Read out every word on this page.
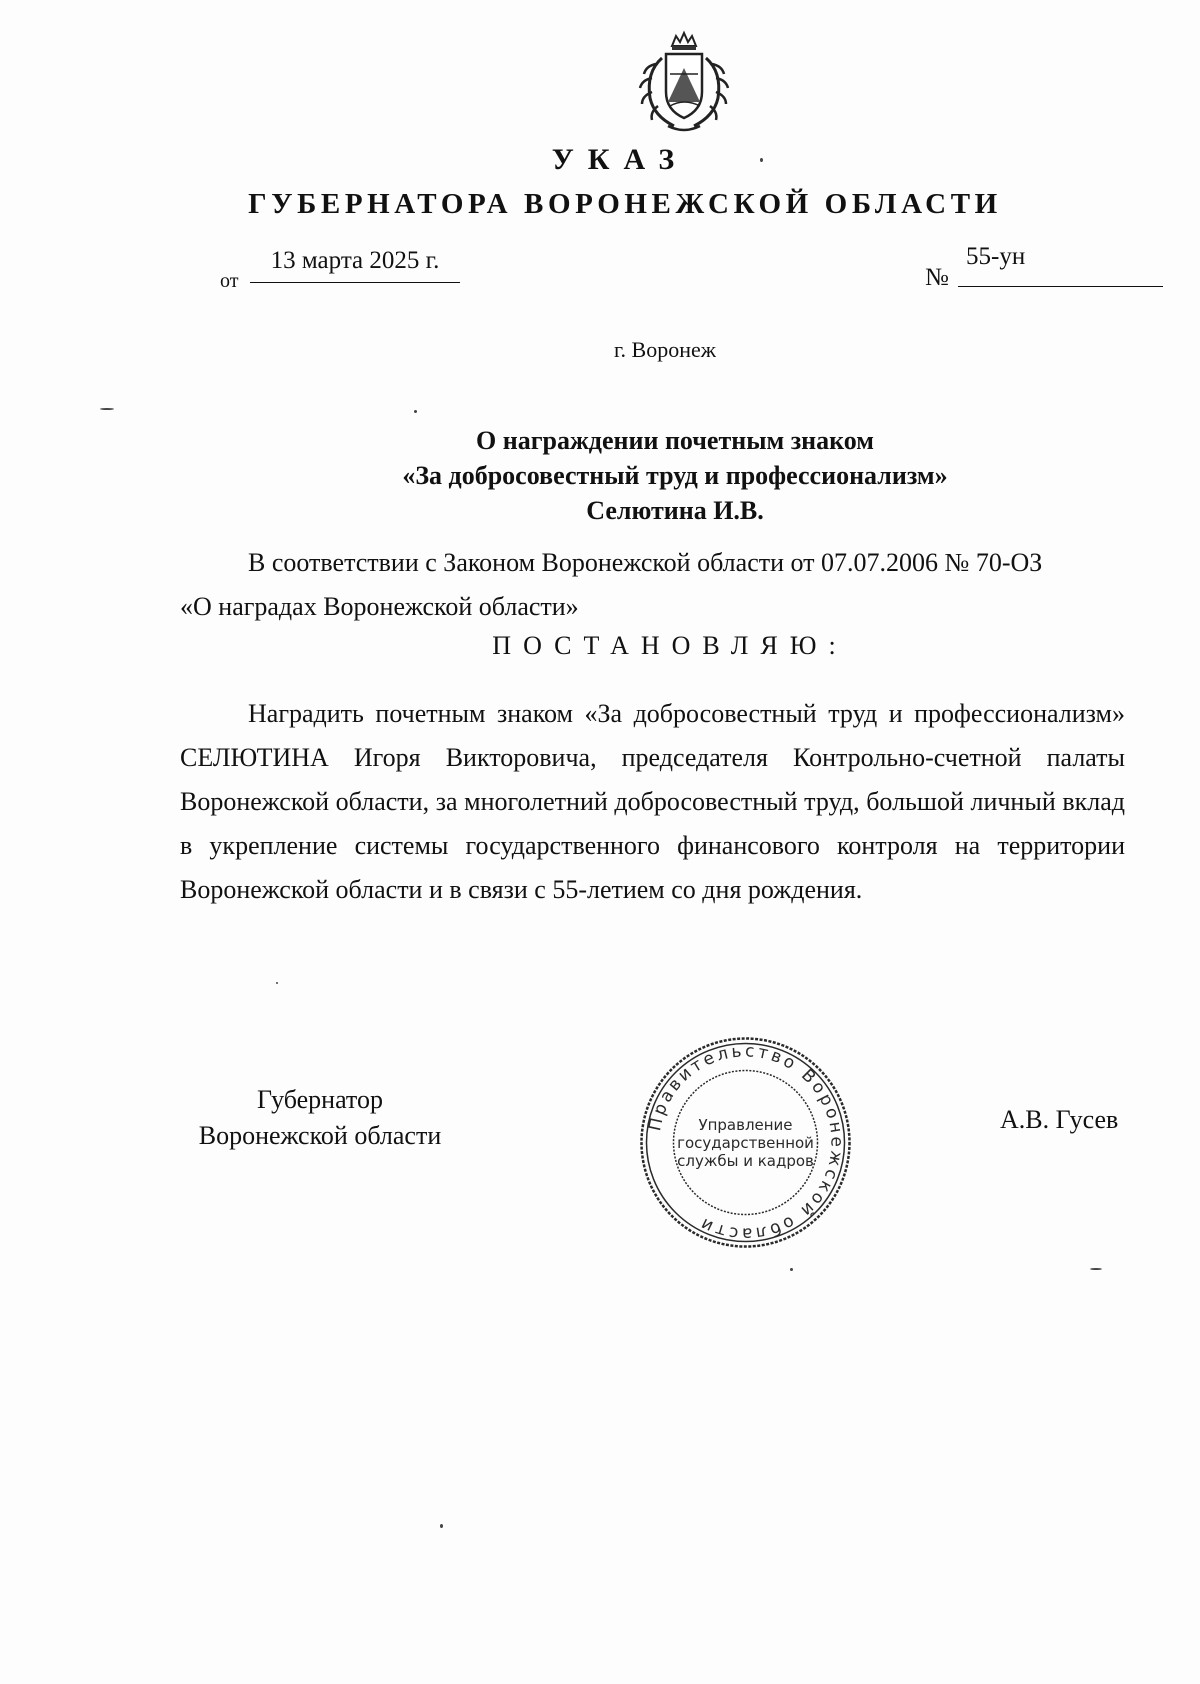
УКАЗ
ГУБЕРНАТОРА ВОРОНЕЖСКОЙ ОБЛАСТИ
от
13 марта 2025 г.
№
55-ун
г. Воронеж
О награждении почетным знаком
«За добросовестный труд и профессионализм»
Селютина И.В.
В соответствии с Законом Воронежской области от 07.07.2006 № 70-ОЗ
«О наградах Воронежской области»
ПОСТАНОВЛЯЮ:
Наградить почетным знаком «За добросовестный труд и профессионализм» СЕЛЮТИНА Игоря Викторовича, председателя Контрольно-счетной палаты Воронежской области, за многолетний добросовестный труд, большой личный вклад в укрепление системы государственного финансового контроля на территории Воронежской области и в связи с 55-летием со дня рождения.
Губернатор
Воронежской области	Правительство Воронежской области
Управление
государственной
службы и кадров
А.В. Гусев
